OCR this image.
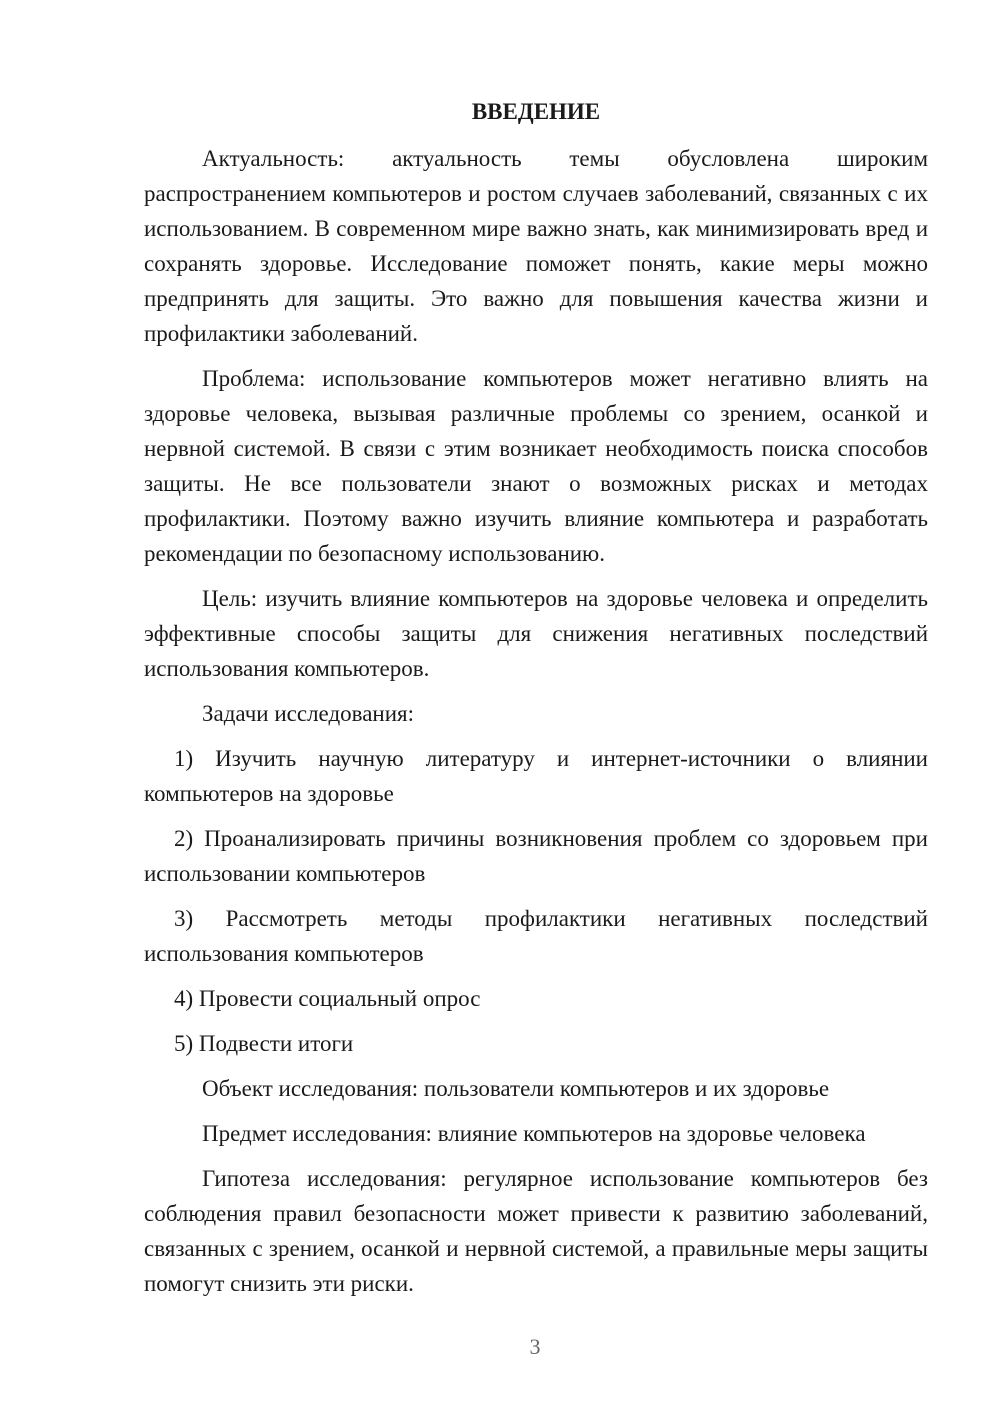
ВВЕДЕНИЕ

Актуальность: актуальность темы обусловлена широким распространением компьютеров и ростом случаев заболеваний, связанных с их использованием. В современном мире важно знать, как минимизировать вред и сохранять здоровье. Исследование поможет понять, какие меры можно предпринять для защиты. Это важно для повышения качества жизни и профилактики заболеваний.

Проблема: использование компьютеров может негативно влиять на здоровье человека, вызывая различные проблемы со зрением, осанкой и нервной системой. В связи с этим возникает необходимость поиска способов защиты. Не все пользователи знают о возможных рисках и методах профилактики. Поэтому важно изучить влияние компьютера и разработать рекомендации по безопасному использованию.

Цель: изучить влияние компьютеров на здоровье человека и определить эффективные способы защиты для снижения негативных последствий использования компьютеров.

Задачи исследования:

1) Изучить научную литературу и интернет-источники о влиянии компьютеров на здоровье

2) Проанализировать причины возникновения проблем со здоровьем при использовании компьютеров

3) Рассмотреть методы профилактики негативных последствий использования компьютеров

4) Провести социальный опрос

5) Подвести итоги

Объект исследования: пользователи компьютеров и их здоровье

Предмет исследования: влияние компьютеров на здоровье человека

Гипотеза исследования: регулярное использование компьютеров без соблюдения правил безопасности может привести к развитию заболеваний, связанных с зрением, осанкой и нервной системой, а правильные меры защиты помогут снизить эти риски.

3
